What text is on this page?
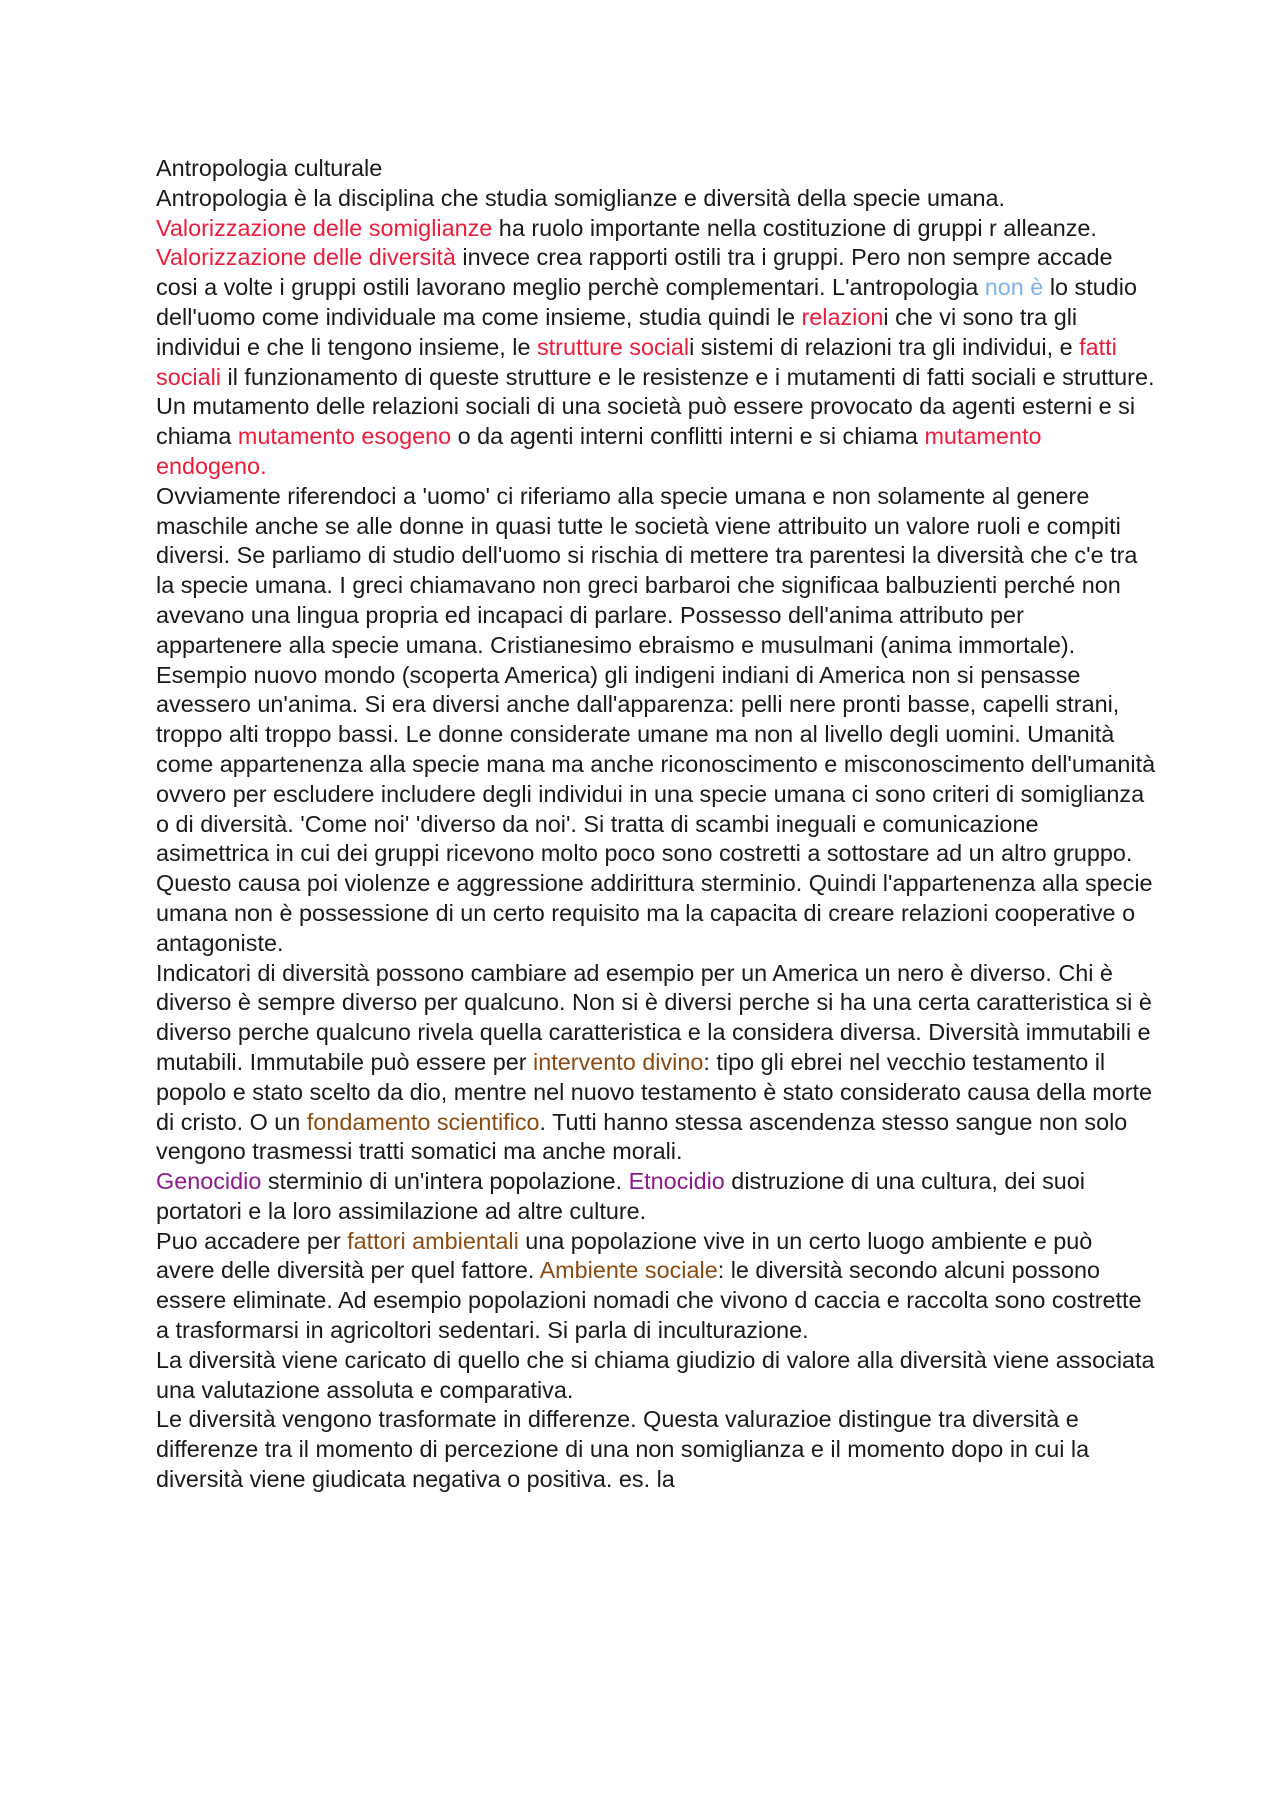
Antropologia culturale

Antropologia è la disciplina che studia somiglianze e diversità della specie umana. Valorizzazione delle somiglianze ha ruolo importante nella costituzione di gruppi r alleanze. Valorizzazione delle diversità invece crea rapporti ostili tra i gruppi. Pero non sempre accade cosi a volte i gruppi ostili lavorano meglio perchè complementari. L'antropologia non è lo studio dell'uomo come individuale ma come insieme, studia quindi le relazioni che vi sono tra gli individui e che li tengono insieme, le strutture sociali sistemi di relazioni tra gli individui, e fatti sociali il funzionamento di queste strutture e le resistenze e i mutamenti di fatti sociali e strutture. Un mutamento delle relazioni sociali di una società può essere provocato da agenti esterni e si chiama mutamento esogeno o da agenti interni conflitti interni e si chiama mutamento endogeno.

Ovviamente riferendoci a 'uomo' ci riferiamo alla specie umana e non solamente al genere maschile anche se alle donne in quasi tutte le società viene attribuito un valore ruoli e compiti diversi. Se parliamo di studio dell'uomo si rischia di mettere tra parentesi la diversità che c'e tra la specie umana. I greci chiamavano non greci barbaroi che significaa balbuzienti perché non avevano una lingua propria ed incapaci di parlare. Possesso dell'anima attributo per appartenere alla specie umana. Cristianesimo ebraismo e musulmani (anima immortale). Esempio nuovo mondo (scoperta America) gli indigeni indiani di America non si pensasse avessero un'anima. Si era diversi anche dall'apparenza: pelli nere pronti basse, capelli strani, troppo alti troppo bassi. Le donne considerate umane ma non al livello degli uomini. Umanità come appartenenza alla specie mana ma anche riconoscimento e misconoscimento dell'umanità ovvero per escludere includere degli individui in una specie umana ci sono criteri di somiglianza o di diversità. 'Come noi' 'diverso da noi'. Si tratta di scambi ineguali e comunicazione asimettrica in cui dei gruppi ricevono molto poco sono costretti a sottostare ad un altro gruppo. Questo causa poi violenze e aggressione addirittura sterminio. Quindi l'appartenenza alla specie umana non è possessione di un certo requisito ma la capacita di creare relazioni cooperative o antagoniste.

Indicatori di diversità possono cambiare ad esempio per un America un nero è diverso. Chi è diverso è sempre diverso per qualcuno. Non si è diversi perche si ha una certa caratteristica si è diverso perche qualcuno rivela quella caratteristica e la considera diversa. Diversità immutabili e mutabili. Immutabile può essere per intervento divino: tipo gli ebrei nel vecchio testamento il popolo e stato scelto da dio, mentre nel nuovo testamento è stato considerato causa della morte di cristo. O un fondamento scientifico. Tutti hanno stessa ascendenza stesso sangue non solo vengono trasmessi tratti somatici ma anche morali.

Genocidio sterminio di un'intera popolazione. Etnocidio distruzione di una cultura, dei suoi portatori e la loro assimilazione ad altre culture.

Puo accadere per fattori ambientali una popolazione vive in un certo luogo ambiente e può avere delle diversità per quel fattore. Ambiente sociale: le diversità secondo alcuni possono essere eliminate. Ad esempio popolazioni nomadi che vivono d caccia e raccolta sono costrette a trasformarsi in agricoltori sedentari. Si parla di inculturazione.

La diversità viene caricato di quello che si chiama giudizio di valore alla diversità viene associata una valutazione assoluta e comparativa.

Le diversità vengono trasformate in differenze. Questa valurazioe distingue tra diversità e differenze tra il momento di percezione di una non somiglianza e il momento dopo in cui la diversità viene giudicata negativa o positiva. es. la
